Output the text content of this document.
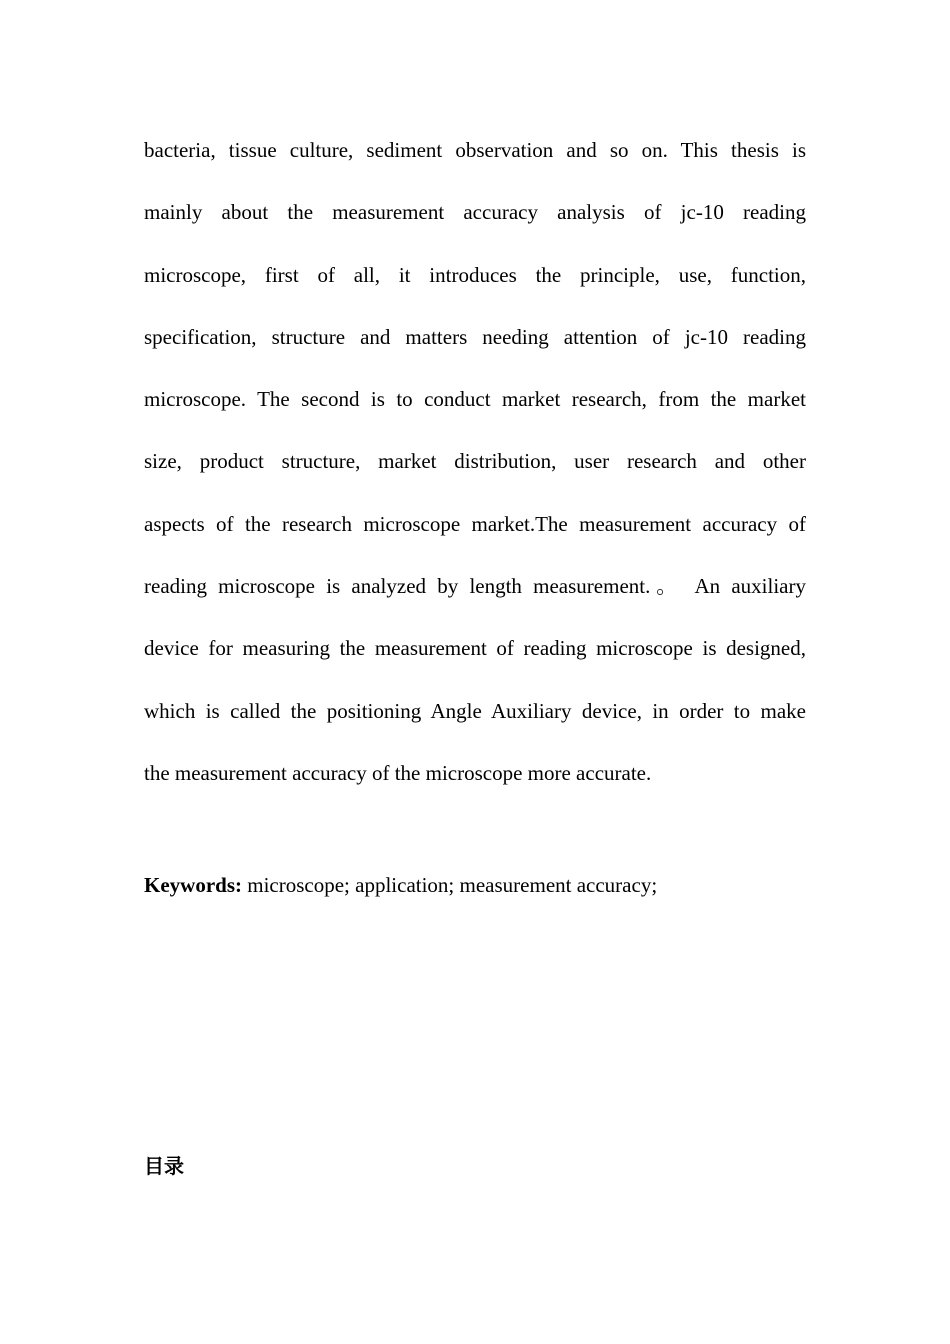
bacteria, tissue culture, sediment observation and so on. This thesis is
mainly about the measurement accuracy analysis of jc-10 reading
microscope, first of all, it introduces the principle, use, function,
specification, structure and matters needing attention of jc-10 reading
microscope. The second is to conduct market research, from the market
size, product structure, market distribution, user research and other
aspects of the research microscope market.The measurement accuracy of
reading microscope is analyzed by length measurement.。 An auxiliary
device for measuring the measurement of reading microscope is designed,
which is called the positioning Angle Auxiliary device, in order to make
the measurement accuracy of the microscope more accurate.

Keywords: microscope; application; measurement accuracy;

目录
